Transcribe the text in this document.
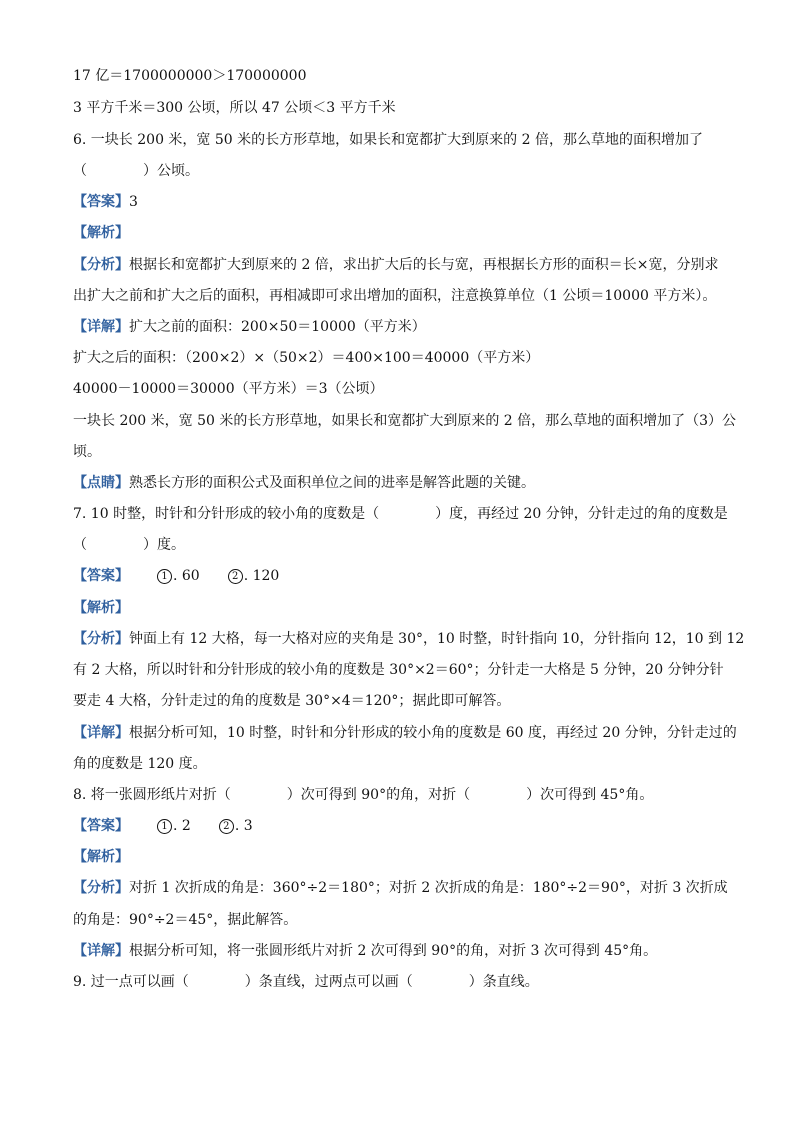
17 亿＝1700000000＞170000000
3 平方千米＝300 公顷，所以 47 公顷＜3 平方千米
6. 一块长 200 米，宽 50 米的长方形草地，如果长和宽都扩大到原来的 2 倍，那么草地的面积增加了
（　　　　）公顷。
【答案】3
【解析】
【分析】根据长和宽都扩大到原来的 2 倍，求出扩大后的长与宽，再根据长方形的面积＝长×宽，分别求
出扩大之前和扩大之后的面积，再相减即可求出增加的面积，注意换算单位（1 公顷＝10000 平方米）。
【详解】扩大之前的面积：200×50＝10000（平方米）
扩大之后的面积：（200×2）×（50×2）＝400×100＝40000（平方米）
40000－10000＝30000（平方米）＝3（公顷）
一块长 200 米，宽 50 米的长方形草地，如果长和宽都扩大到原来的 2 倍，那么草地的面积增加了（3）公
顷。
【点睛】熟悉长方形的面积公式及面积单位之间的进率是解答此题的关键。
7. 10 时整，时针和分针形成的较小角的度数是（　　　　）度，再经过 20 分钟，分针走过的角的度数是
（　　　　）度。
【答案】	1 . 60	2 . 120
【解析】
【分析】钟面上有 12 大格，每一大格对应的夹角是 30°，10 时整，时针指向 10，分针指向 12，10 到 12
有 2 大格，所以时针和分针形成的较小角的度数是 30°×2＝60°；分针走一大格是 5 分钟，20 分钟分针
要走 4 大格，分针走过的角的度数是 30°×4＝120°；据此即可解答。
【详解】根据分析可知，10 时整，时针和分针形成的较小角的度数是 60 度，再经过 20 分钟，分针走过的
角的度数是 120 度。
8. 将一张圆形纸片对折（　　　　）次可得到 90°的角，对折（　　　　）次可得到 45°角。
【答案】	1 . 2	2 . 3
【解析】
【分析】对折 1 次折成的角是：360°÷2＝180°；对折 2 次折成的角是：180°÷2＝90°，对折 3 次折成
的角是：90°÷2＝45°，据此解答。
【详解】根据分析可知，将一张圆形纸片对折 2 次可得到 90°的角，对折 3 次可得到 45°角。
9. 过一点可以画（　　　　）条直线，过两点可以画（　　　　）条直线。
